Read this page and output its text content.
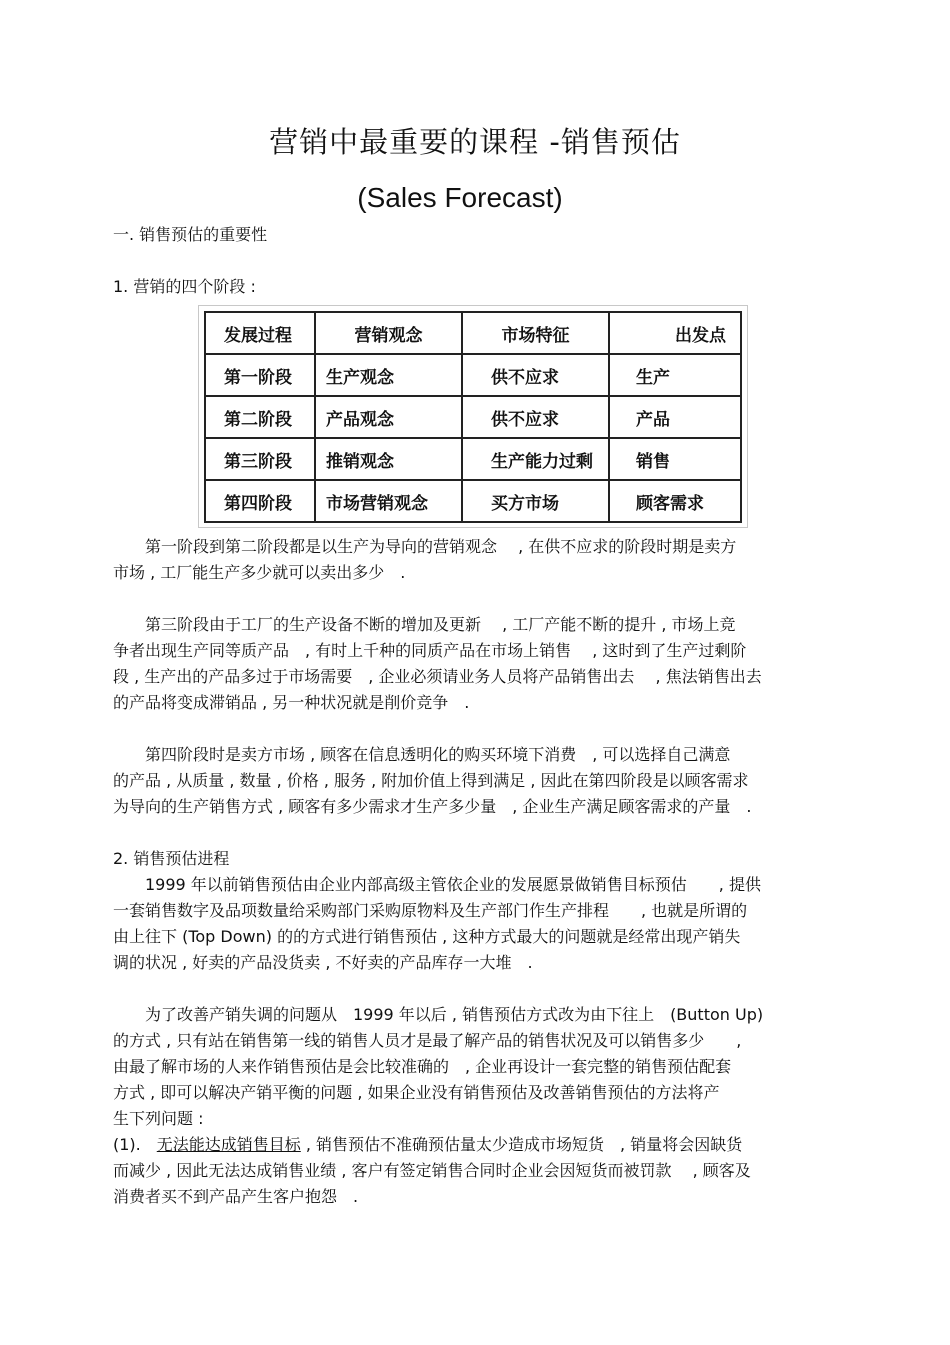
营销中最重要的课程 -销售预估
(Sales Forecast)
一. 销售预估的重要性
1. 营销的四个阶段 :
发展过程	营销观念	市场特征	出发点
第一阶段	生产观念	供不应求	生产
第二阶段	产品观念	供不应求	产品
第三阶段	推销观念	生产能力过剩	销售
第四阶段	市场营销观念	买方市场	顾客需求
　　第一阶段到第二阶段都是以生产为导向的营销观念　 , 在供不应求的阶段时期是卖方
市场 , 工厂能生产多少就可以卖出多少　.
　　第三阶段由于工厂的生产设备不断的增加及更新　 , 工厂产能不断的提升 , 市场上竞
争者出现生产同等质产品　, 有时上千种的同质产品在市场上销售　 , 这时到了生产过剩阶
段 , 生产出的产品多过于市场需要　, 企业必须请业务人员将产品销售出去　 , 焦法销售出去
的产品将变成滞销品 , 另一种状况就是削价竞争　.
　　第四阶段时是卖方市场 , 顾客在信息透明化的购买环境下消费　, 可以选择自己满意
的产品 , 从质量 , 数量 , 价格 , 服务 , 附加价值上得到满足 , 因此在第四阶段是以顾客需求
为导向的生产销售方式 , 顾客有多少需求才生产多少量　, 企业生产满足顾客需求的产量　.
2. 销售预估进程
　　1999 年以前销售预估由企业内部高级主管依企业的发展愿景做销售目标预估　　, 提供
一套销售数字及品项数量给采购部门采购原物料及生产部门作生产排程　　, 也就是所谓的
由上往下 (Top Down) 的的方式进行销售预估 , 这种方式最大的问题就是经常出现产销失
调的状况 , 好卖的产品没货卖 , 不好卖的产品库存一大堆　.
　　为了改善产销失调的问题从　1999 年以后 , 销售预估方式改为由下往上　(Button Up)
的方式 , 只有站在销售第一线的销售人员才是最了解产品的销售状况及可以销售多少　　,
由最了解市场的人来作销售预估是会比较准确的　, 企业再设计一套完整的销售预估配套
方式 , 即可以解决产销平衡的问题 , 如果企业没有销售预估及改善销售预估的方法将产
生下列问题 :
(1).　无法能达成销售目标 , 销售预估不准确预估量太少造成市场短货　, 销量将会因缺货
而减少 , 因此无法达成销售业绩 , 客户有签定销售合同时企业会因短货而被罚款　 , 顾客及
消费者买不到产品产生客户抱怨　.
